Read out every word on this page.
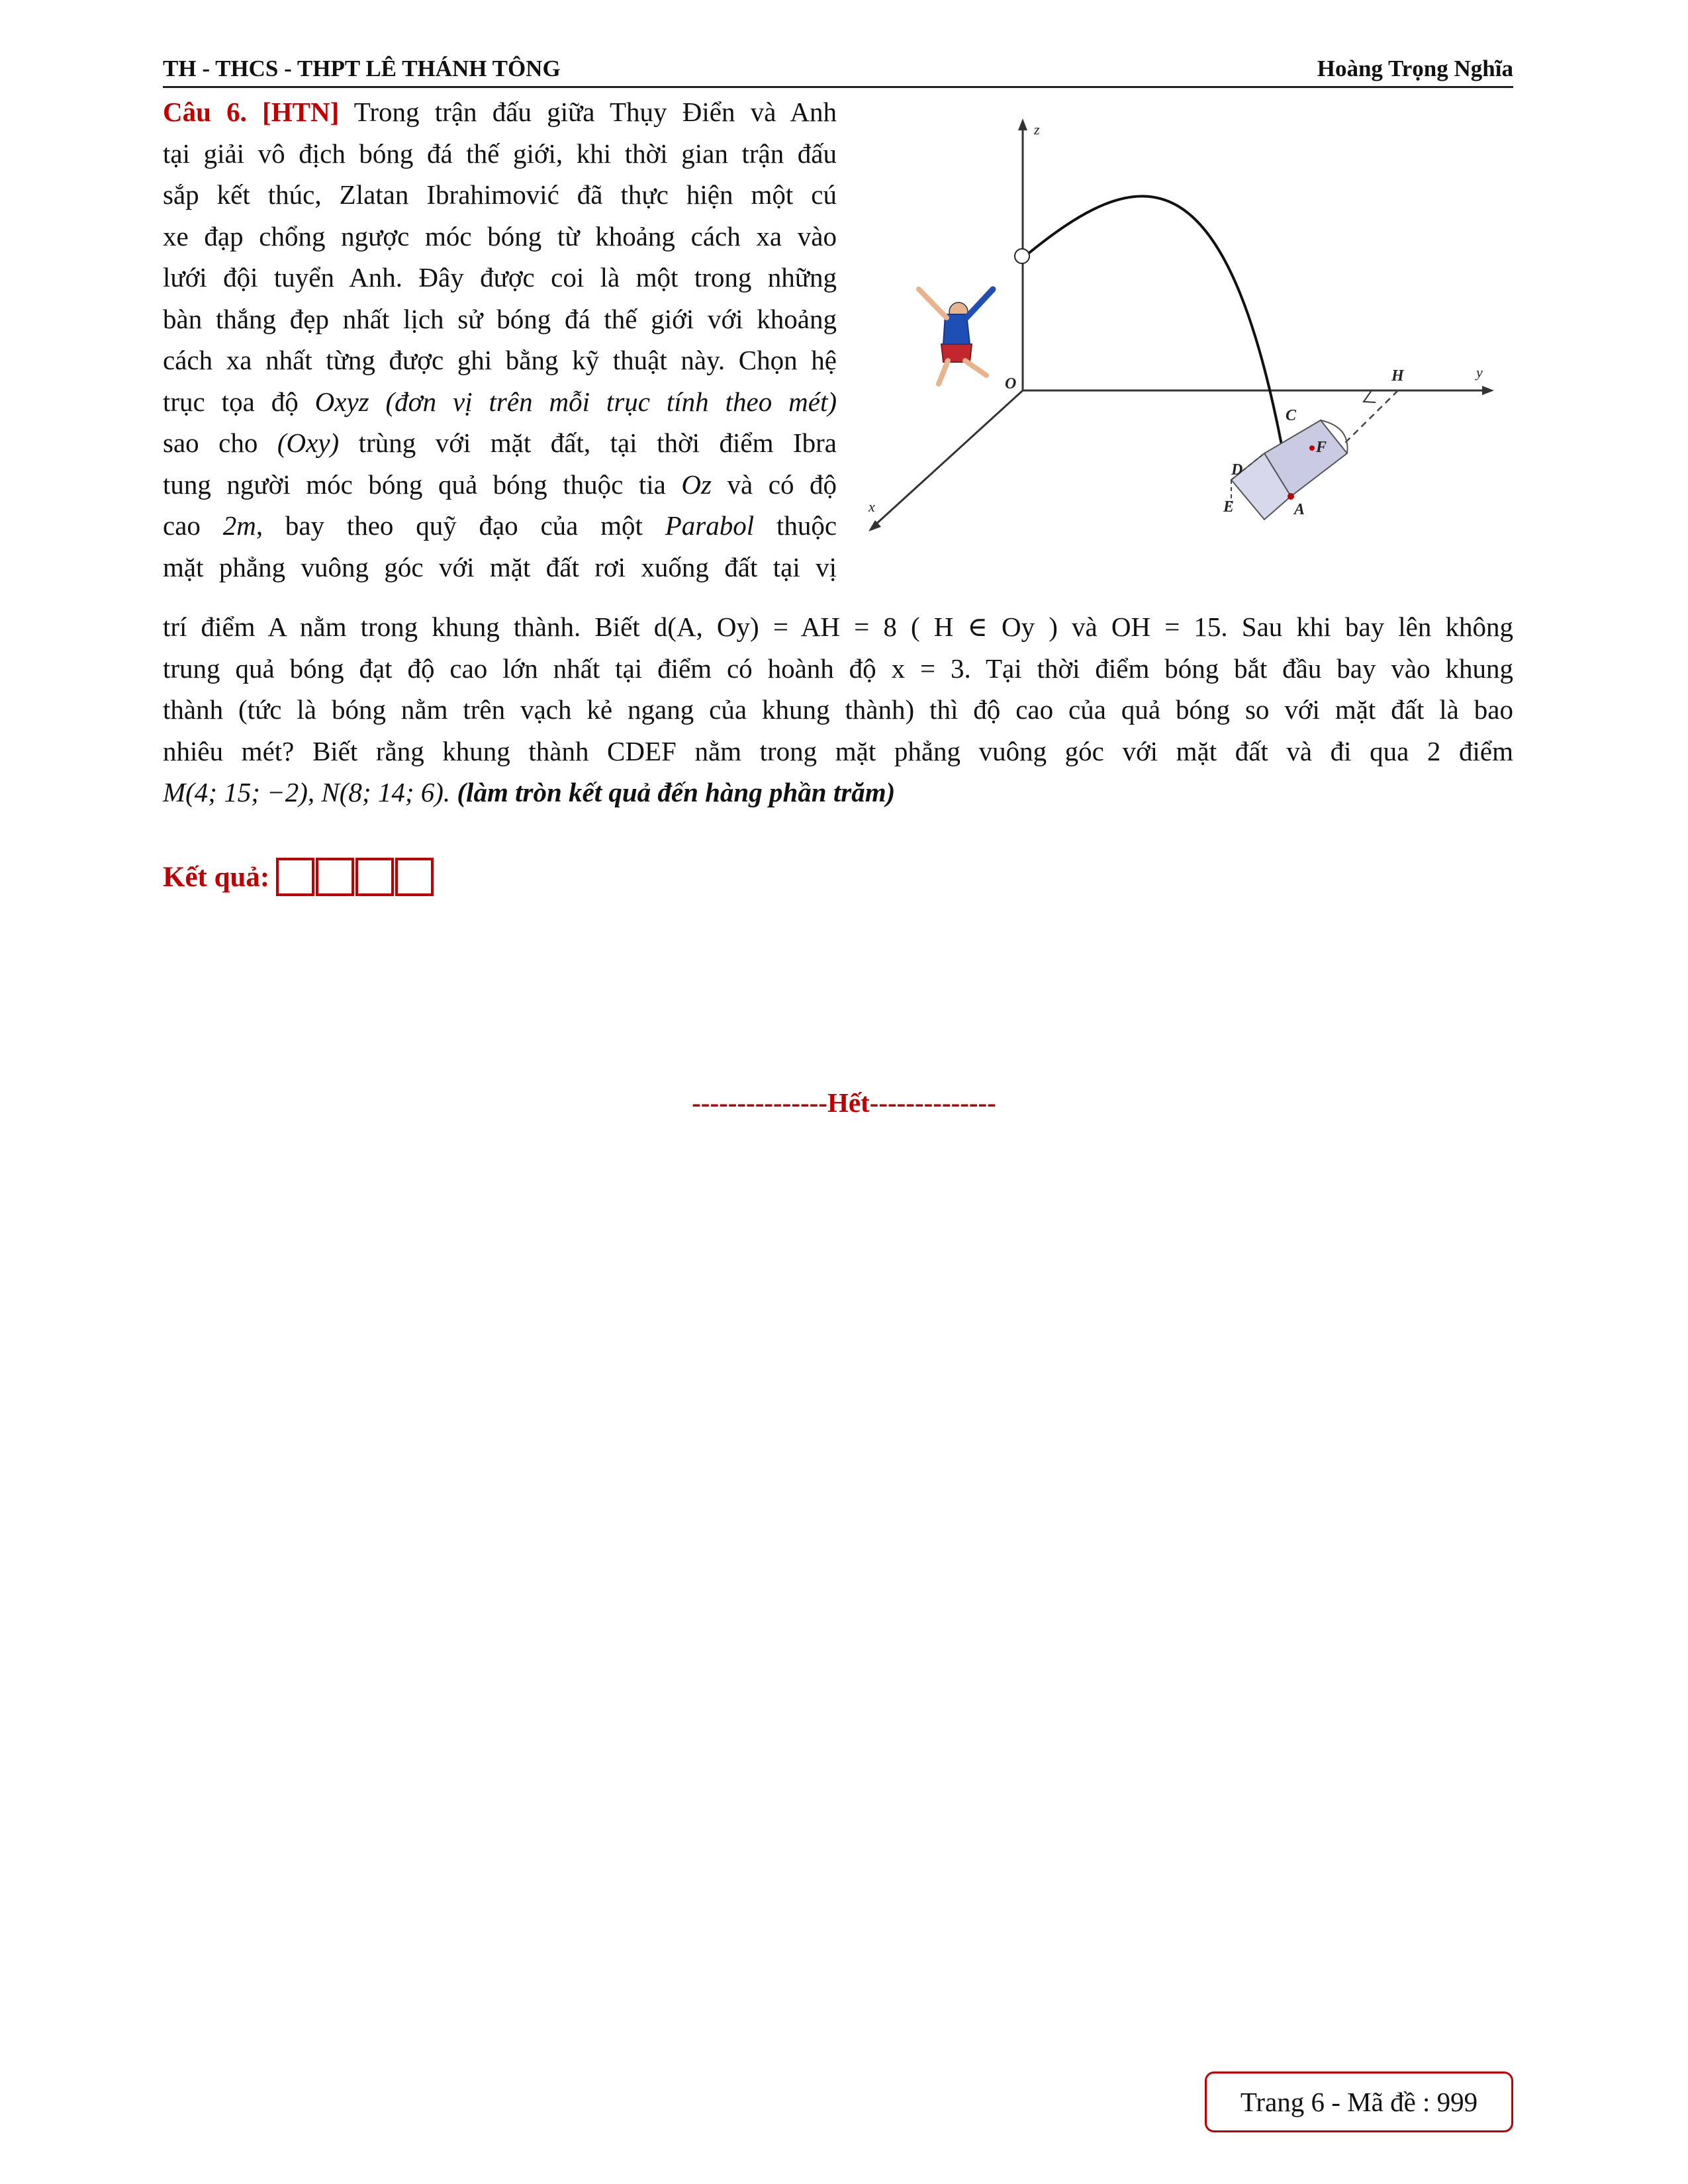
TH - THCS - THPT LÊ THÁNH TÔNG	Hoàng Trọng Nghĩa
Câu 6. [HTN] Trong trận đấu giữa Thụy Điển và Anh
tại giải vô địch bóng đá thế giới, khi thời gian trận đấu
sắp kết thúc, Zlatan Ibrahimović đã thực hiện một cú
xe đạp chổng ngược móc bóng từ khoảng cách xa vào
lưới đội tuyển Anh. Đây được coi là một trong những
bàn thắng đẹp nhất lịch sử bóng đá thế giới với khoảng
cách xa nhất từng được ghi bằng kỹ thuật này. Chọn hệ
trục tọa độ Oxyz (đơn vị trên mỗi trục tính theo mét)
sao cho (Oxy) trùng với mặt đất, tại thời điểm Ibra
tung người móc bóng quả bóng thuộc tia Oz và có độ
cao 2m, bay theo quỹ đạo của một Parabol thuộc
mặt phẳng vuông góc với mặt đất rơi xuống đất tại vị
trí điểm A nằm trong khung thành. Biết d(A, Oy) = AH = 8 ( H ∈ Oy ) và OH = 15. Sau khi bay lên không
trung quả bóng đạt độ cao lớn nhất tại điểm có hoành độ x = 3. Tại thời điểm bóng bắt đầu bay vào khung
thành (tức là bóng nằm trên vạch kẻ ngang của khung thành) thì độ cao của quả bóng so với mặt đất là bao
nhiêu mét? Biết rằng khung thành CDEF nằm trong mặt phẳng vuông góc với mặt đất và đi qua 2 điểm
M(4; 15; −2), N(8; 14; 6). (làm tròn kết quả đến hàng phần trăm)
Kết quả:
---------------Hết--------------
Trang 6 - Mã đề : 999
z
y
x
O	H
C
F
D
E	A
